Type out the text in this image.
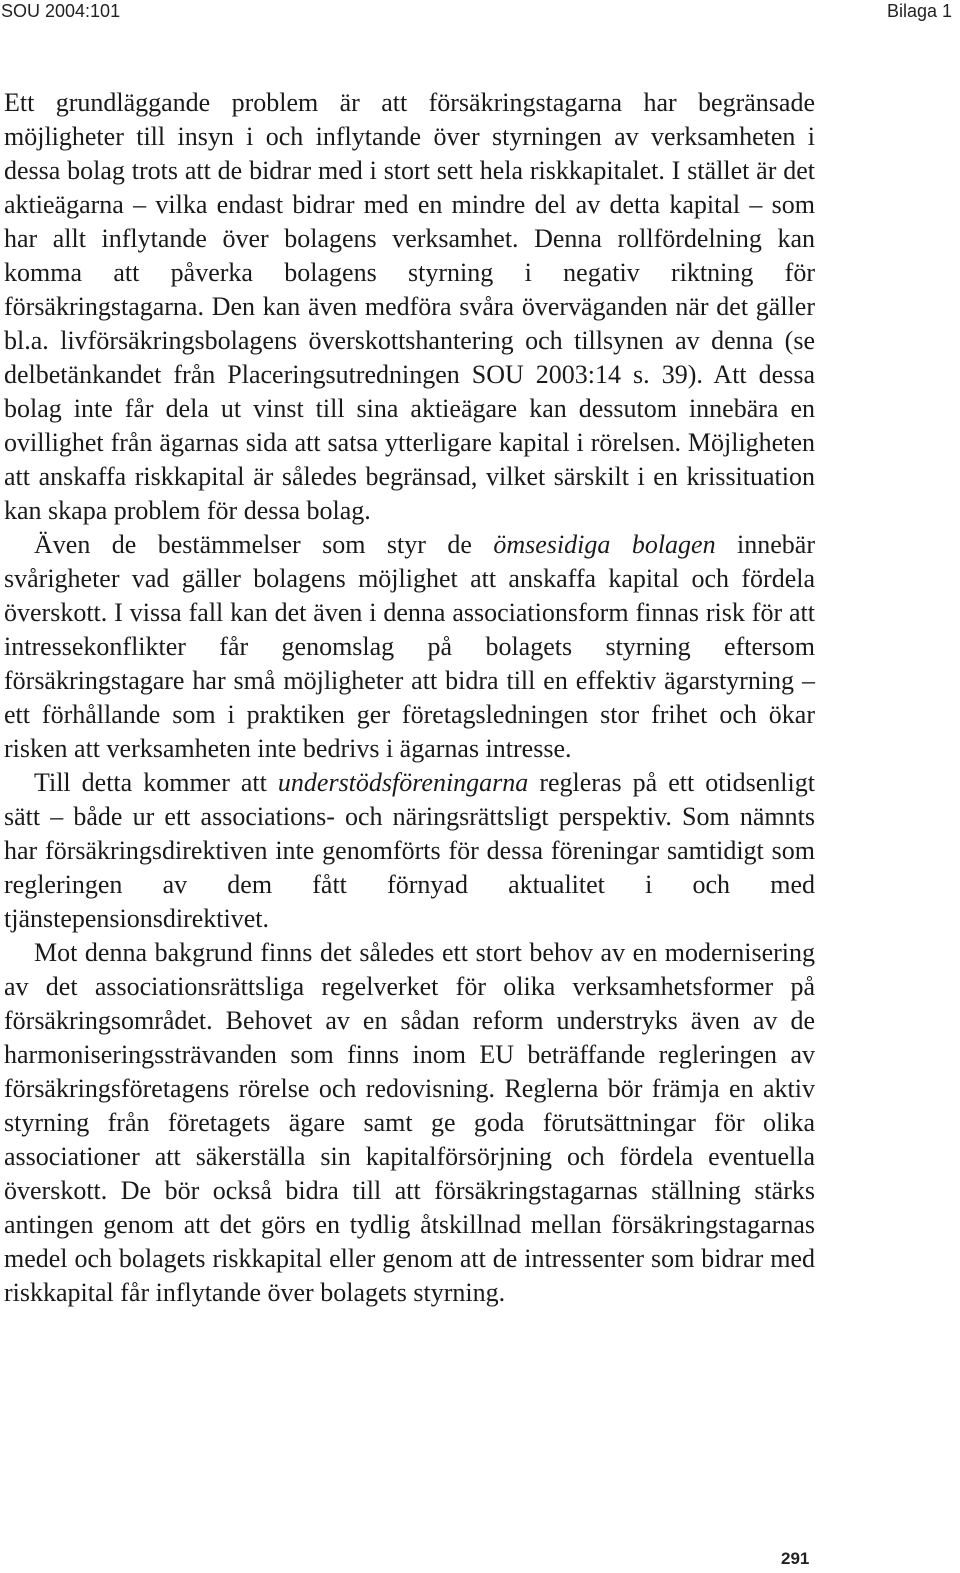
SOU 2004:101	Bilaga 1

Ett grundläggande problem är att försäkringstagarna har begränsade möjligheter till insyn i och inflytande över styrningen av verksamheten i dessa bolag trots att de bidrar med i stort sett hela riskkapitalet. I stället är det aktieägarna – vilka endast bidrar med en mindre del av detta kapital – som har allt inflytande över bolagens verksamhet. Denna rollfördelning kan komma att påverka bolagens styrning i negativ riktning för försäkringstagarna. Den kan även medföra svåra överväganden när det gäller bl.a. livförsäkringsbolagens överskottshantering och tillsynen av denna (se delbetänkandet från Placeringsutredningen SOU 2003:14 s. 39). Att dessa bolag inte får dela ut vinst till sina aktieägare kan dessutom innebära en ovillighet från ägarnas sida att satsa ytterligare kapital i rörelsen. Möjligheten att anskaffa riskkapital är således begränsad, vilket särskilt i en krissituation kan skapa problem för dessa bolag.

Även de bestämmelser som styr de ömsesidiga bolagen innebär svårigheter vad gäller bolagens möjlighet att anskaffa kapital och fördela överskott. I vissa fall kan det även i denna associationsform finnas risk för att intressekonflikter får genomslag på bolagets styrning eftersom försäkringstagare har små möjligheter att bidra till en effektiv ägarstyrning – ett förhållande som i praktiken ger företagsledningen stor frihet och ökar risken att verksamheten inte bedrivs i ägarnas intresse.

Till detta kommer att understödsföreningarna regleras på ett otidsenligt sätt – både ur ett associations- och näringsrättsligt perspektiv. Som nämnts har försäkringsdirektiven inte genomförts för dessa föreningar samtidigt som regleringen av dem fått förnyad aktualitet i och med tjänstepensionsdirektivet.

Mot denna bakgrund finns det således ett stort behov av en modernisering av det associationsrättsliga regelverket för olika verksamhetsformer på försäkringsområdet. Behovet av en sådan reform understryks även av de harmoniseringssträvanden som finns inom EU beträffande regleringen av försäkringsföretagens rörelse och redovisning. Reglerna bör främja en aktiv styrning från företagets ägare samt ge goda förutsättningar för olika associationer att säkerställa sin kapitalförsörjning och fördela eventuella överskott. De bör också bidra till att försäkringstagarnas ställning stärks antingen genom att det görs en tydlig åtskillnad mellan försäkringstagarnas medel och bolagets riskkapital eller genom att de intressenter som bidrar med riskkapital får inflytande över bolagets styrning.

291
